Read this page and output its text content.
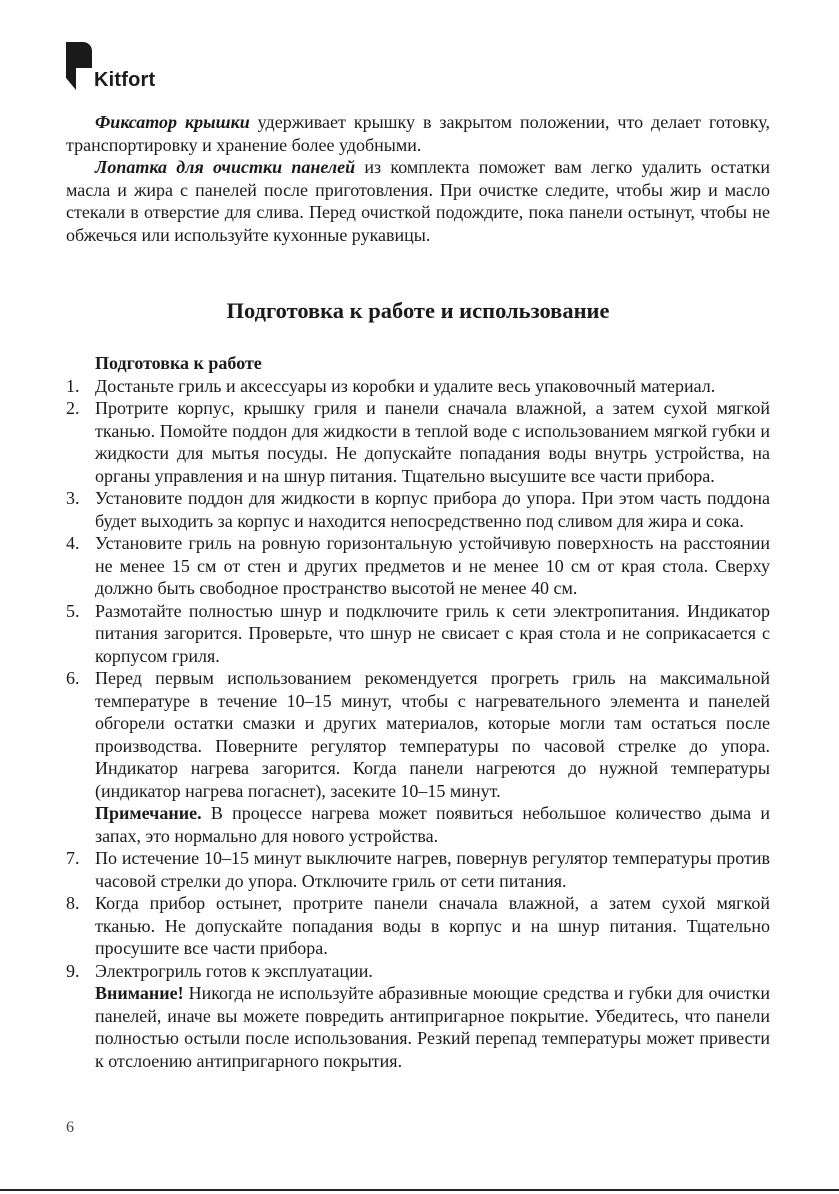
Kitfort

Фиксатор крышки удерживает крышку в закрытом положении, что делает готовку, транспортировку и хранение более удобными.

Лопатка для очистки панелей из комплекта поможет вам легко удалить остатки масла и жира с панелей после приготовления. При очистке следите, чтобы жир и масло стекали в отверстие для слива. Перед очисткой подождите, пока панели остынут, чтобы не обжечься или используйте кухонные рукавицы.

Подготовка к работе и использование
Подготовка к работе
1. Достаньте гриль и аксессуары из коробки и удалите весь упаковочный материал.
2. Протрите корпус, крышку гриля и панели сначала влажной, а затем сухой мягкой тканью. Помойте поддон для жидкости в теплой воде с использованием мягкой губки и жидкости для мытья посуды. Не допускайте попадания воды внутрь устройства, на органы управления и на шнур питания. Тщательно высушите все части прибора.
3. Установите поддон для жидкости в корпус прибора до упора. При этом часть поддона будет выходить за корпус и находится непосредственно под сливом для жира и сока.
4. Установите гриль на ровную горизонтальную устойчивую поверхность на расстоянии не менее 15 см от стен и других предметов и не менее 10 см от края стола. Сверху должно быть свободное пространство высотой не менее 40 см.
5. Размотайте полностью шнур и подключите гриль к сети электропитания. Индикатор питания загорится. Проверьте, что шнур не свисает с края стола и не соприкасается с корпусом гриля.
6. Перед первым использованием рекомендуется прогреть гриль на максимальной температуре в течение 10–15 минут, чтобы с нагревательного элемента и панелей обгорели остатки смазки и других материалов, которые могли там остаться после производства. Поверните регулятор температуры по часовой стрелке до упора. Индикатор нагрева загорится. Когда панели нагреются до нужной температуры (индикатор нагрева погаснет), засеките 10–15 минут.
Примечание. В процессе нагрева может появиться небольшое количество дыма и запах, это нормально для нового устройства.
7. По истечение 10–15 минут выключите нагрев, повернув регулятор температуры против часовой стрелки до упора. Отключите гриль от сети питания.
8. Когда прибор остынет, протрите панели сначала влажной, а затем сухой мягкой тканью. Не допускайте попадания воды в корпус и на шнур питания. Тщательно просушите все части прибора.
9. Электрогриль готов к эксплуатации.
Внимание! Никогда не используйте абразивные моющие средства и губки для очистки панелей, иначе вы можете повредить антипригарное покрытие. Убедитесь, что панели полностью остыли после использования. Резкий перепад температуры может привести к отслоению антипригарного покрытия.
6
